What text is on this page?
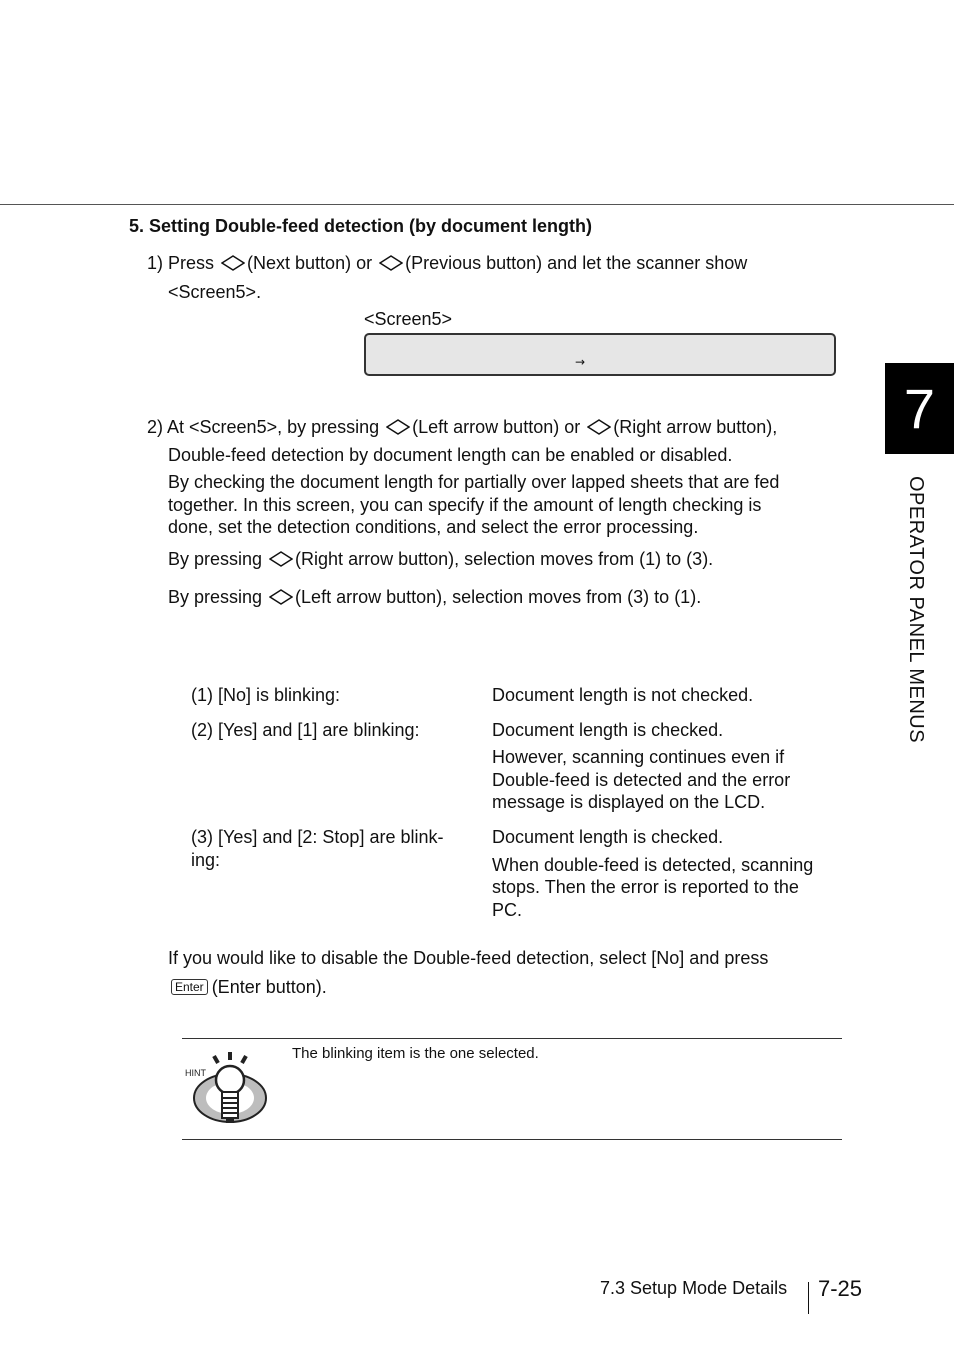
5. Setting Double-feed detection (by document length)
1) Press (Next button) or (Previous button) and let the scanner show
<Screen5>.
<Screen5>
→
2) At <Screen5>, by pressing (Left arrow button) or (Right arrow button),
Double-feed detection by document length can be enabled or disabled.
By checking the document length for partially over lapped sheets that are fed
together. In this screen, you can specify if the amount of length checking is
done, set the detection conditions, and select the error processing.
By pressing (Right arrow button), selection moves from (1) to (3).
By pressing (Left arrow button), selection moves from (3) to (1).
(1) [No] is blinking:	Document length is not checked.
(2) [Yes] and [1] are blinking:	Document length is checked.
However, scanning continues even if
Double-feed is detected and the error
message is displayed on the LCD.
(3) [Yes] and [2: Stop] are blink-
ing:
Document length is checked.
When double-feed is detected, scanning
stops. Then the error is reported to the
PC.
If you would like to disable the Double-feed detection, select [No] and press
Enter (Enter button).
The blinking item is the one selected.
HINT
7
OPERATOR PANEL MENUS
7.3 Setup Mode Details 7-25
